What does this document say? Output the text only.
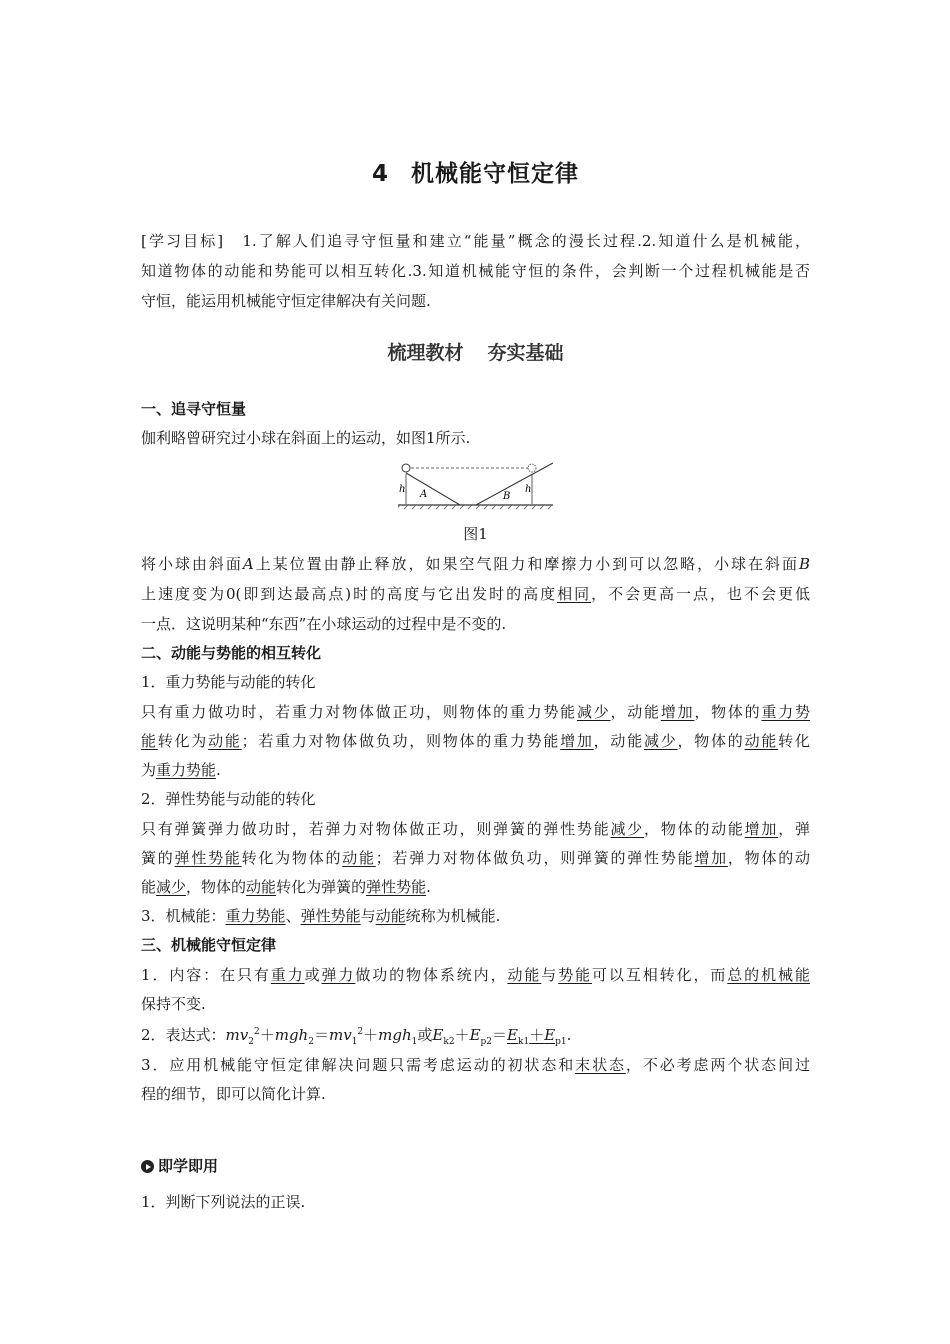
4 机械能守恒定律
[学习目标]　1.了解人们追寻守恒量和建立“能量”概念的漫长过程.2.知道什么是机械能，
知道物体的动能和势能可以相互转化.3.知道机械能守恒的条件，会判断一个过程机械能是否
守恒，能运用机械能守恒定律解决有关问题.
梳理教材 夯实基础
一、追寻守恒量
伽利略曾研究过小球在斜面上的运动，如图1所示.
h	h
A	B
图1
将小球由斜面A上某位置由静止释放，如果空气阻力和摩擦力小到可以忽略，小球在斜面B
上速度变为0(即到达最高点)时的高度与它出发时的高度相同，不会更高一点，也不会更低
一点．这说明某种“东西”在小球运动的过程中是不变的.
二、动能与势能的相互转化
1．重力势能与动能的转化
只有重力做功时，若重力对物体做正功，则物体的重力势能减少，动能增加，物体的重力势
能转化为动能；若重力对物体做负功，则物体的重力势能增加，动能减少，物体的动能转化
为重力势能.
2．弹性势能与动能的转化
只有弹簧弹力做功时，若弹力对物体做正功，则弹簧的弹性势能减少，物体的动能增加，弹
簧的弹性势能转化为物体的动能；若弹力对物体做负功，则弹簧的弹性势能增加，物体的动
能减少，物体的动能转化为弹簧的弹性势能.
3．机械能：重力势能、弹性势能与动能统称为机械能.
三、机械能守恒定律
1．内容：在只有重力或弹力做功的物体系统内，动能与势能可以互相转化，而总的机械能
保持不变.
2．表达式：$mv_2^2+mgh_2=mv_1^2+mgh_1$或$E_{k2}+E_{p2}=E_{k1}+E_{p1}$.
3．应用机械能守恒定律解决问题只需考虑运动的初状态和末状态，不必考虑两个状态间过
程的细节，即可以简化计算.
即学即用
1．判断下列说法的正误.
